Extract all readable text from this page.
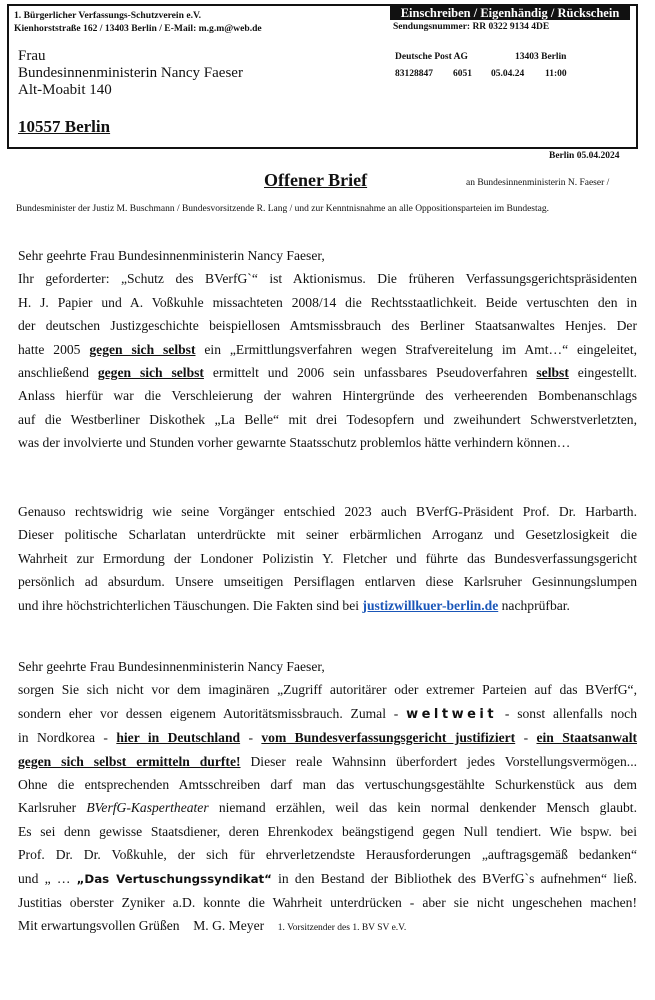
1. Bürgerlicher Verfassungs-Schutzverein e.V.
Kienhorststraße 162 / 13403 Berlin / E-Mail: m.g.m@web.de
Einschreiben / Eigenhändig / Rückschein
Sendungsnummer: RR 0322 9134 4DE
Deutsche Post AG	13403 Berlin
83128847 6051 05.04.24 11:00
Frau
Bundesinnenministerin Nancy Faeser
Alt-Moabit 140
10557 Berlin
Berlin 05.04.2024
Offener Brief	an Bundesinnenministerin N. Faeser /
Bundesminister der Justiz M. Buschmann / Bundesvorsitzende R. Lang / und zur Kenntnisnahme an alle Oppositionsparteien im Bundestag.
Sehr geehrte Frau Bundesinnenministerin Nancy Faeser,
Ihr geforderter: „Schutz des BVerfG`“ ist Aktionismus. Die früheren Verfassungsgerichtspräsidenten
H. J. Papier und A. Voßkuhle missachteten 2008/14 die Rechtsstaatlichkeit. Beide vertuschten den in
der deutschen Justizgeschichte beispiellosen Amtsmissbrauch des Berliner Staatsanwaltes Henjes. Der
hatte 2005 gegen sich selbst ein „Ermittlungsverfahren wegen Strafvereitelung im Amt…“ eingeleitet,
anschließend gegen sich selbst ermittelt und 2006 sein unfassbares Pseudoverfahren selbst eingestellt.
Anlass hierfür war die Verschleierung der wahren Hintergründe des verheerenden Bombenanschlags
auf die Westberliner Diskothek „La Belle“ mit drei Todesopfern und zweihundert Schwerstverletzten,
was der involvierte und Stunden vorher gewarnte Staatsschutz problemlos hätte verhindern können…
Genauso rechtswidrig wie seine Vorgänger entschied 2023 auch BVerfG-Präsident Prof. Dr. Harbarth.
Dieser politische Scharlatan unterdrückte mit seiner erbärmlichen Arroganz und Gesetzlosigkeit die
Wahrheit zur Ermordung der Londoner Polizistin Y. Fletcher und führte das Bundesverfassungsgericht
persönlich ad absurdum. Unsere umseitigen Persiflagen entlarven diese Karlsruher Gesinnungslumpen
und ihre höchstrichterlichen Täuschungen. Die Fakten sind bei justizwillkuer-berlin.de nachprüfbar.
Sehr geehrte Frau Bundesinnenministerin Nancy Faeser,
sorgen Sie sich nicht vor dem imaginären „Zugriff autoritärer oder extremer Parteien auf das BVerfG“,
sondern eher vor dessen eigenem Autoritätsmissbrauch. Zumal - weltweit - sonst allenfalls noch
in Nordkorea - hier in Deutschland - vom Bundesverfassungsgericht justifiziert - ein Staatsanwalt
gegen sich selbst ermitteln durfte! Dieser reale Wahnsinn überfordert jedes Vorstellungsvermögen...
Ohne die entsprechenden Amtsschreiben darf man das vertuschungsgestählte Schurkenstück aus dem
Karlsruher BVerfG-Kaspertheater niemand erzählen, weil das kein normal denkender Mensch glaubt.
Es sei denn gewisse Staatsdiener, deren Ehrenkodex beängstigend gegen Null tendiert. Wie bspw. bei
Prof. Dr. Dr. Voßkuhle, der sich für ehrverletzendste Herausforderungen „auftragsgemäß bedanken“
und „ … „Das Vertuschungssyndikat“ in den Bestand der Bibliothek des BVerfG`s aufnehmen“ ließ.
Justitias oberster Zyniker a.D. konnte die Wahrheit unterdrücken - aber sie nicht ungeschehen machen!
Mit erwartungsvollen Grüßen M. G. Meyer 1. Vorsitzender des 1. BV SV e.V.
